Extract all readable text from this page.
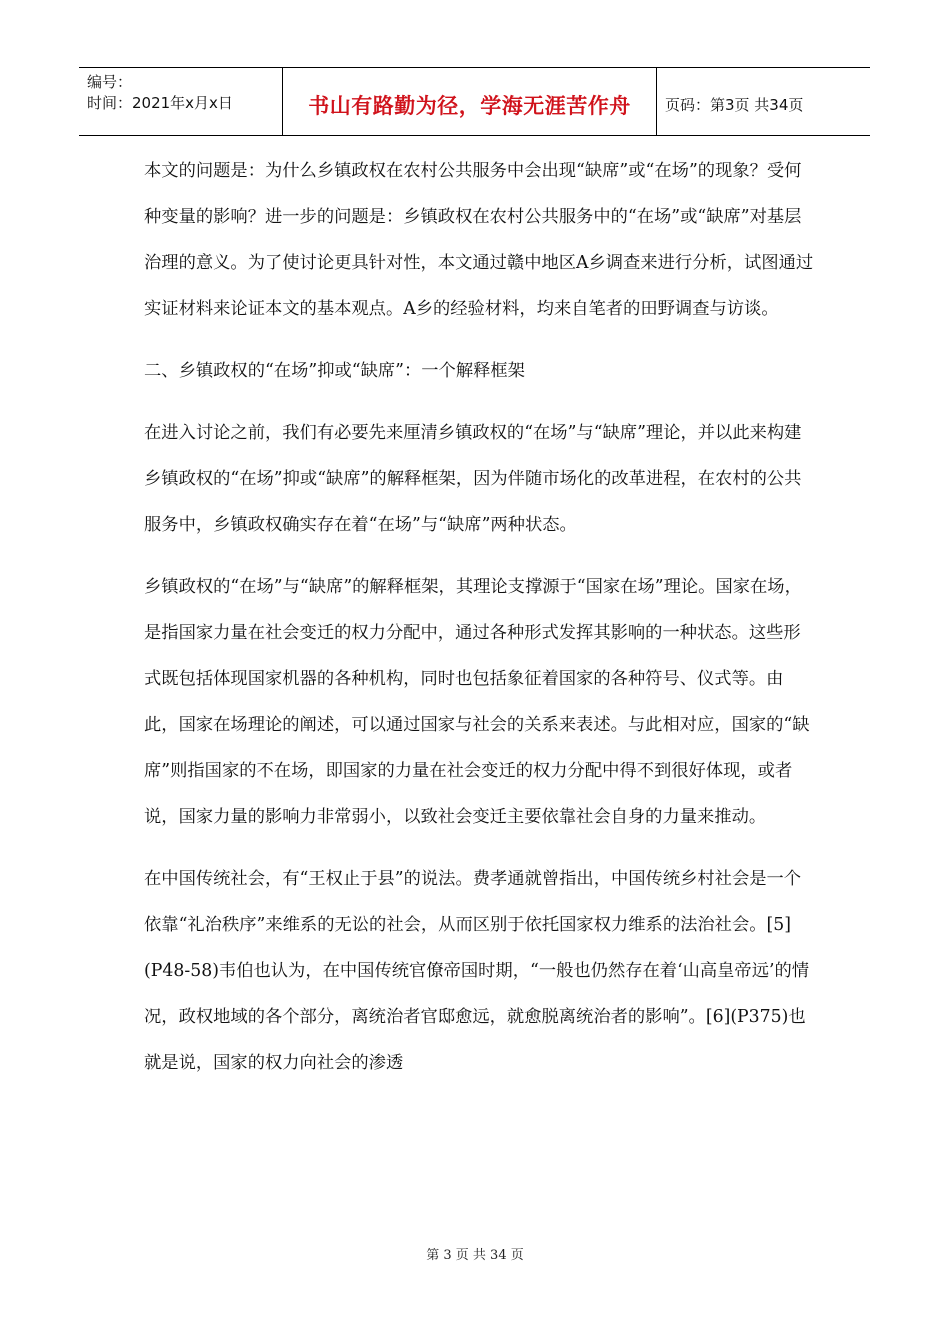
编号：
时间：2021年x月x日	书山有路勤为径，学海无涯苦作舟 页码：第3页 共34页

本文的问题是：为什么乡镇政权在农村公共服务中会出现“缺席”或“在场”的现象？受何种变量的影响？进一步的问题是：乡镇政权在农村公共服务中的“在场”或“缺席”对基层治理的意义。为了使讨论更具针对性，本文通过赣中地区A乡调查来进行分析，试图通过实证材料来论证本文的基本观点。A乡的经验材料，均来自笔者的田野调查与访谈。

二、乡镇政权的“在场”抑或“缺席”：一个解释框架

在进入讨论之前，我们有必要先来厘清乡镇政权的“在场”与“缺席”理论，并以此来构建乡镇政权的“在场”抑或“缺席”的解释框架，因为伴随市场化的改革进程，在农村的公共服务中，乡镇政权确实存在着“在场”与“缺席”两种状态。

乡镇政权的“在场”与“缺席”的解释框架，其理论支撑源于“国家在场”理论。国家在场，是指国家力量在社会变迁的权力分配中，通过各种形式发挥其影响的一种状态。这些形式既包括体现国家机器的各种机构，同时也包括象征着国家的各种符号、仪式等。由此，国家在场理论的阐述，可以通过国家与社会的关系来表述。与此相对应，国家的“缺席”则指国家的不在场，即国家的力量在社会变迁的权力分配中得不到很好体现，或者说，国家力量的影响力非常弱小，以致社会变迁主要依靠社会自身的力量来推动。

在中国传统社会，有“王权止于县”的说法。费孝通就曾指出，中国传统乡村社会是一个依靠“礼治秩序”来维系的无讼的社会，从而区别于依托国家权力维系的法治社会。[5](P48-58)韦伯也认为，在中国传统官僚帝国时期，“一般也仍然存在着‘山高皇帝远’的情况，政权地域的各个部分，离统治者官邸愈远，就愈脱离统治者的影响”。[6](P375)也就是说，国家的权力向社会的渗透

第 3 页 共 34 页
